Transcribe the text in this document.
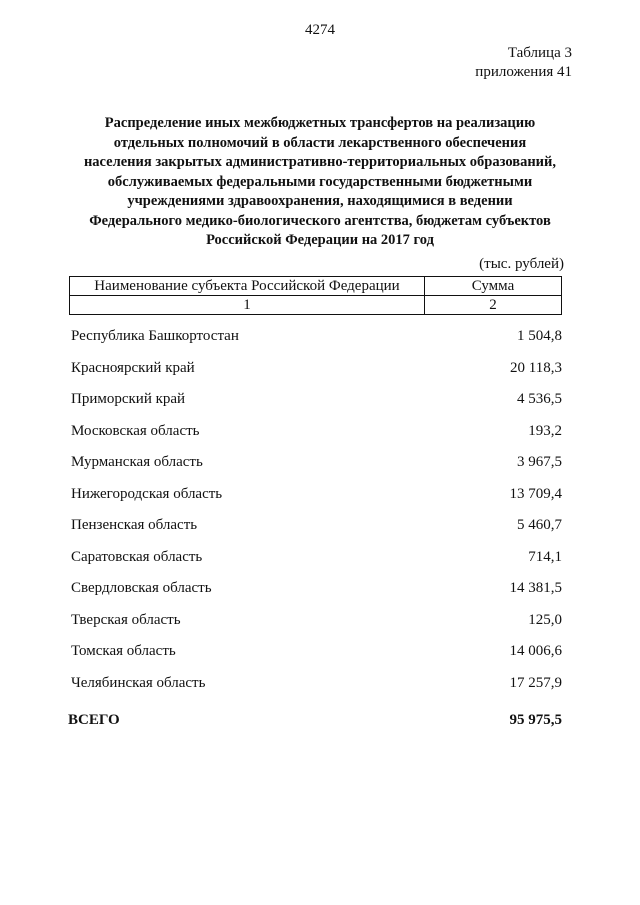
4274
Таблица 3
приложения 41
Распределение иных межбюджетных трансфертов на реализацию
отдельных полномочий в области лекарственного обеспечения
населения закрытых административно-территориальных образований,
обслуживаемых федеральными государственными бюджетными
учреждениями здравоохранения, находящимися в ведении
Федерального медико-биологического агентства, бюджетам субъектов
Российской Федерации на 2017 год
(тыс. рублей)
Наименование субъекта Российской Федерации	Сумма
1	2
Республика Башкортостан	1 504,8
Красноярский край	20 118,3
Приморский край	4 536,5
Московская область	193,2
Мурманская область	3 967,5
Нижегородская область	13 709,4
Пензенская область	5 460,7
Саратовская область	714,1
Свердловская область	14 381,5
Тверская область	125,0
Томская область	14 006,6
Челябинская область	17 257,9
ВСЕГО	95 975,5
